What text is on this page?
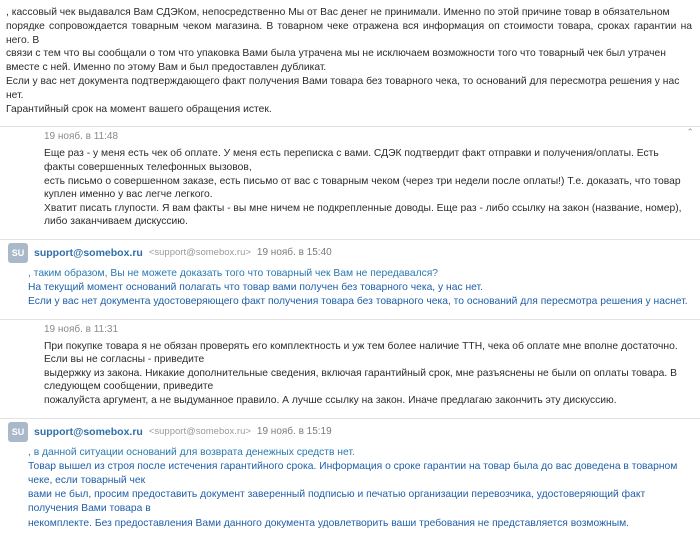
, кассовый чек выдавался Вам СДЭКом, непосредственно Мы от Вас денег не принимали. Именно по этой причине товар в обязательном

порядке сопровождается товарным чеком магазина. В товарном чеке отражена вся информация оп стоимости товара, сроках гарантии на него. В

связи с тем что вы сообщали о том что упаковка Вами была утрачена мы не исключаем возможности того что товарный чек был утрачен

вместе с ней. Именно по этому Вам и был предоставлен дубликат.

Если у вас нет документа подтверждающего факт получения Вами товара без товарного чека, то оснований для пересмотра решения у нас нет.

Гарантийный срок на момент вашего обращения истек.

19 нояб. в 11:48	⌃

Еще раз - у меня есть чек об оплате. У меня есть переписка с вами. СДЭК подтвердит факт отправки и получения/оплаты. Есть факты совершенных телефонных вызовов,

есть письмо о совершенном заказе, есть письмо от вас с товарным чеком (через три недели после оплаты!) Т.е. доказать, что товар куплен именно у вас легче легкого.

Хватит писать глупости. Я вам факты - вы мне ничем не подкрепленные доводы. Еще раз - либо ссылку на закон (название, номер), либо заканчиваем дискуссию.

SU support@somebox.ru <support@somebox.ru> 19 нояб. в 15:40

, таким образом, Вы не можете доказать того что товарный чек Вам не передавался?

На текущий момент оснований полагать что товар вами получен без товарного чека, у нас нет.

Если у вас нет документа удостоверяющего факт получения товара без товарного чека, то оснований для пересмотра решения у наснет.

19 нояб. в 11:31

При покупке товара я не обязан проверять его комплектность и уж тем более наличие ТТН, чека об оплате мне вполне достаточно. Если вы не согласны - приведите

выдержку из закона. Никакие дополнительные сведения, включая гарантийный срок, мне разъяснены не были оп оплаты товара. В следующем сообщении, приведите

пожалуйста аргумент, а не выдуманное правило. А лучше ссылку на закон. Иначе предлагаю закончить эту дискуссию.

SU support@somebox.ru <support@somebox.ru> 19 нояб. в 15:19

, в данной ситуации оснований для возврата денежных средств нет.

Товар вышел из строя после истечения гарантийного срока. Информация о сроке гарантии на товар была до вас доведена в товарном чеке, если товарный чек

вами не был, просим предоставить документ заверенный подписью и печатью организации перевозчика, удостоверяющий факт получения Вами товара в

некомплекте. Без предоставления Вами данного документа удовлетворить ваши требования не представляется возможным.
